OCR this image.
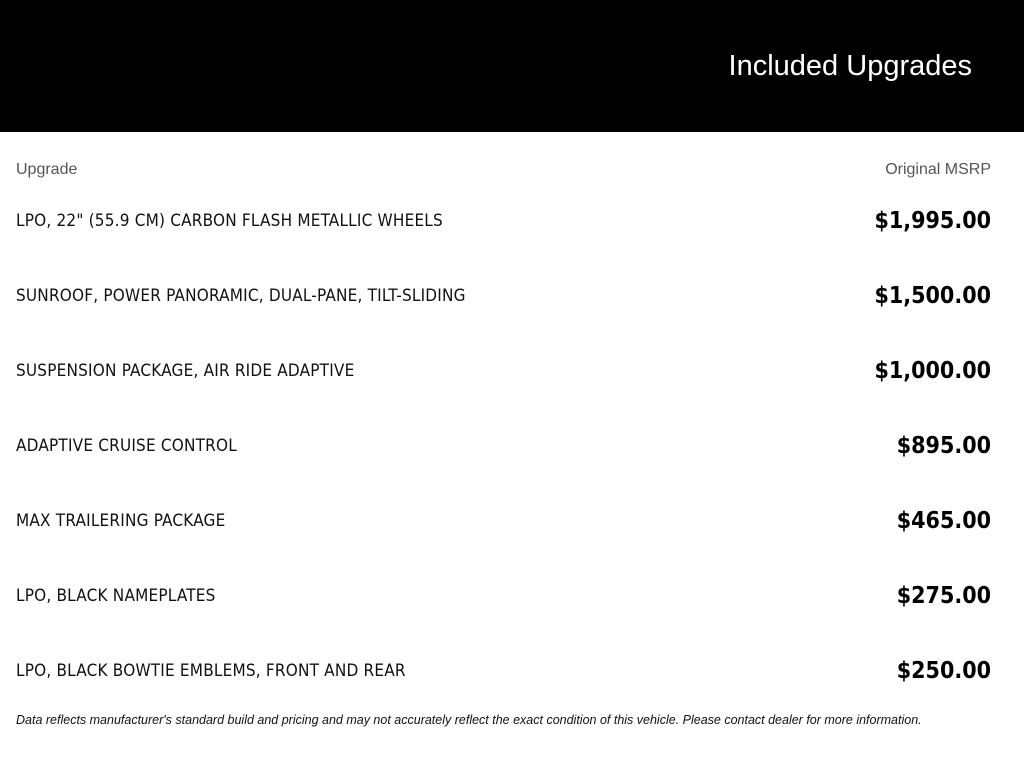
Included Upgrades
Upgrade	Original MSRP
LPO, 22" (55.9 CM) CARBON FLASH METALLIC WHEELS	$1,995.00
SUNROOF, POWER PANORAMIC, DUAL-PANE, TILT-SLIDING	$1,500.00
SUSPENSION PACKAGE, AIR RIDE ADAPTIVE	$1,000.00
ADAPTIVE CRUISE CONTROL	$895.00
MAX TRAILERING PACKAGE	$465.00
LPO, BLACK NAMEPLATES	$275.00
LPO, BLACK BOWTIE EMBLEMS, FRONT AND REAR	$250.00
Data reflects manufacturer's standard build and pricing and may not accurately reflect the exact condition of this vehicle. Please contact dealer for more information.
